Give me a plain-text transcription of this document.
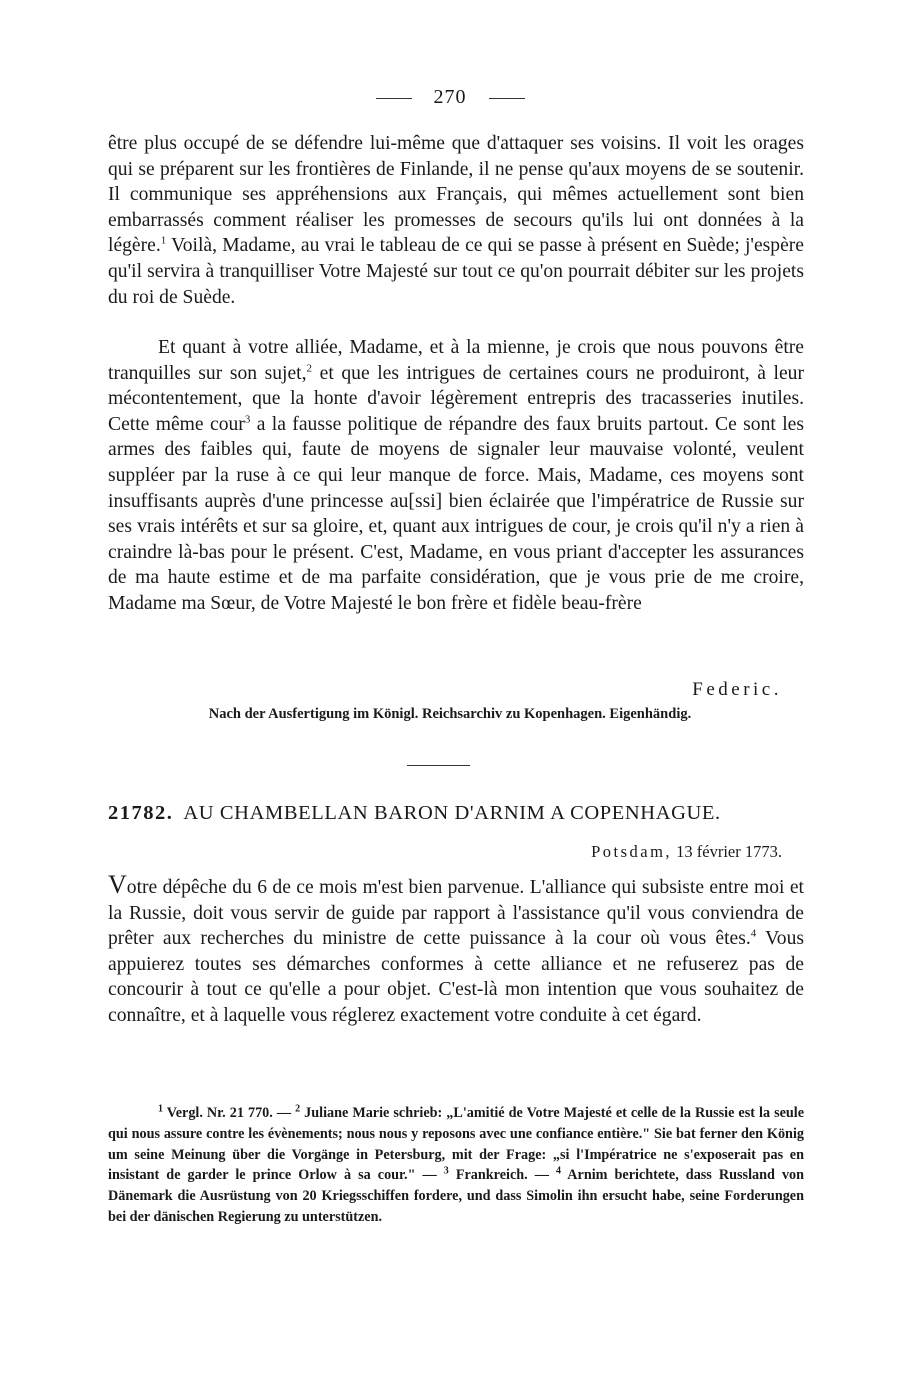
270

être plus occupé de se défendre lui-même que d'attaquer ses voisins. Il voit les orages qui se préparent sur les frontières de Finlande, il ne pense qu'aux moyens de se soutenir. Il communique ses appréhensions aux Français, qui mêmes actuellement sont bien embarrassés comment réaliser les promesses de secours qu'ils lui ont données à la légère.$^1$ Voilà, Madame, au vrai le tableau de ce qui se passe à présent en Suède; j'espère qu'il servira à tranquilliser Votre Majesté sur tout ce qu'on pourrait débiter sur les projets du roi de Suède.

Et quant à votre alliée, Madame, et à la mienne, je crois que nous pouvons être tranquilles sur son sujet,$^2$ et que les intrigues de certaines cours ne produiront, à leur mécontentement, que la honte d'avoir légèrement entrepris des tracasseries inutiles. Cette même cour$^3$ a la fausse politique de répandre des faux bruits partout. Ce sont les armes des faibles qui, faute de moyens de signaler leur mauvaise volonté, veulent suppléer par la ruse à ce qui leur manque de force. Mais, Madame, ces moyens sont insuffisants auprès d'une princesse au[ssi] bien éclairée que l'impératrice de Russie sur ses vrais intérêts et sur sa gloire, et, quant aux intrigues de cour, je crois qu'il n'y a rien à craindre là-bas pour le présent. C'est, Madame, en vous priant d'accepter les assurances de ma haute estime et de ma parfaite considération, que je vous prie de me croire, Madame ma Sœur, de Votre Majesté le bon frère et fidèle beau-frère

Federic.
Nach der Ausfertigung im Königl. Reichsarchiv zu Kopenhagen. Eigenhändig.
21782. AU CHAMBELLAN BARON D'ARNIM A COPENHAGUE.
Potsdam, 13 février 1773.

Votre dépêche du 6 de ce mois m'est bien parvenue. L'alliance qui subsiste entre moi et la Russie, doit vous servir de guide par rapport à l'assistance qu'il vous conviendra de prêter aux recherches du ministre de cette puissance à la cour où vous êtes.$^4$ Vous appuierez toutes ses démarches conformes à cette alliance et ne refuserez pas de concourir à tout ce qu'elle a pour objet. C'est-là mon intention que vous souhaitez de connaître, et à laquelle vous réglerez exactement votre conduite à cet égard.

$^1$ Vergl. Nr. 21 770. — $^2$ Juliane Marie schrieb: „L'amitié de Votre Majesté et celle de la Russie est la seule qui nous assure contre les évènements; nous nous y reposons avec une confiance entière." Sie bat ferner den König um seine Meinung über die Vorgänge in Petersburg, mit der Frage: „si l'Impératrice ne s'exposerait pas en insistant de garder le prince Orlow à sa cour." — $^3$ Frankreich. — $^4$ Arnim berichtete, dass Russland von Dänemark die Ausrüstung von 20 Kriegsschiffen fordere, und dass Simolin ihn ersucht habe, seine Forderungen bei der dänischen Regierung zu unterstützen.
